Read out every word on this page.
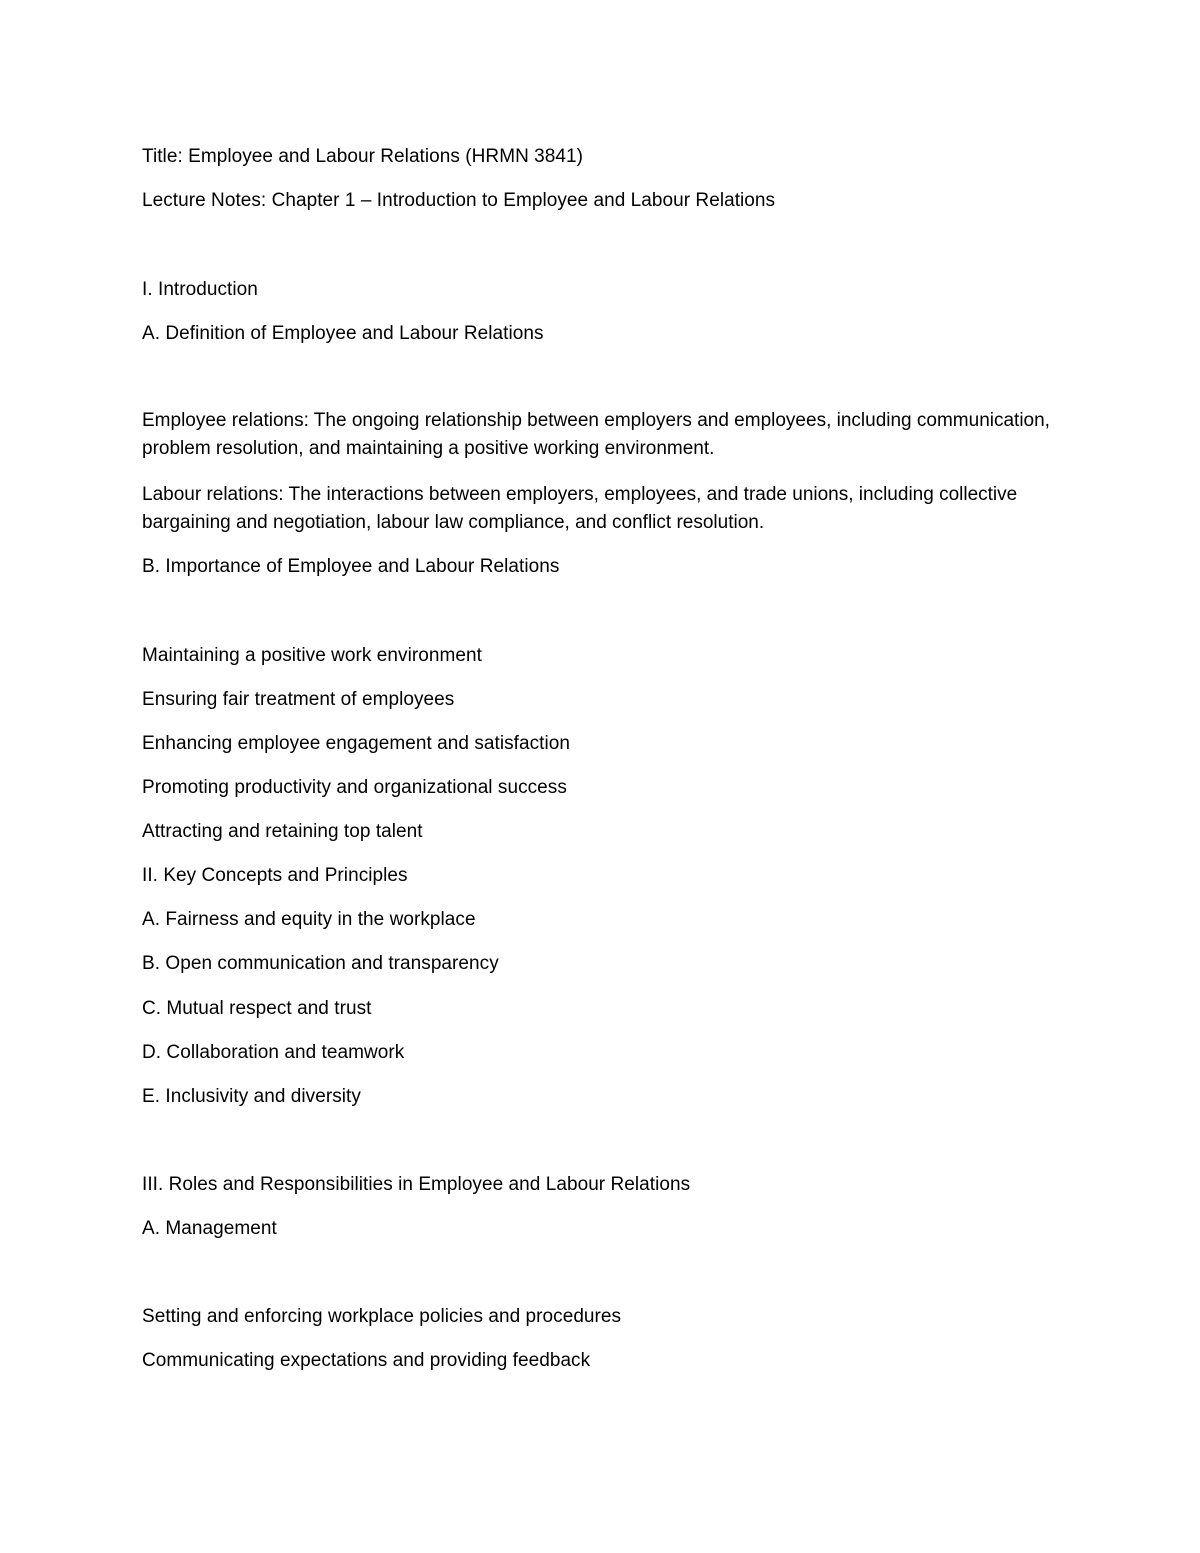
Title: Employee and Labour Relations (HRMN 3841)

Lecture Notes: Chapter 1 – Introduction to Employee and Labour Relations

I. Introduction

A. Definition of Employee and Labour Relations

Employee relations: The ongoing relationship between employers and employees, including communication, problem resolution, and maintaining a positive working environment.

Labour relations: The interactions between employers, employees, and trade unions, including collective bargaining and negotiation, labour law compliance, and conflict resolution.

B. Importance of Employee and Labour Relations

Maintaining a positive work environment

Ensuring fair treatment of employees

Enhancing employee engagement and satisfaction

Promoting productivity and organizational success

Attracting and retaining top talent

II. Key Concepts and Principles

A. Fairness and equity in the workplace

B. Open communication and transparency

C. Mutual respect and trust

D. Collaboration and teamwork

E. Inclusivity and diversity

III. Roles and Responsibilities in Employee and Labour Relations

A. Management

Setting and enforcing workplace policies and procedures

Communicating expectations and providing feedback
